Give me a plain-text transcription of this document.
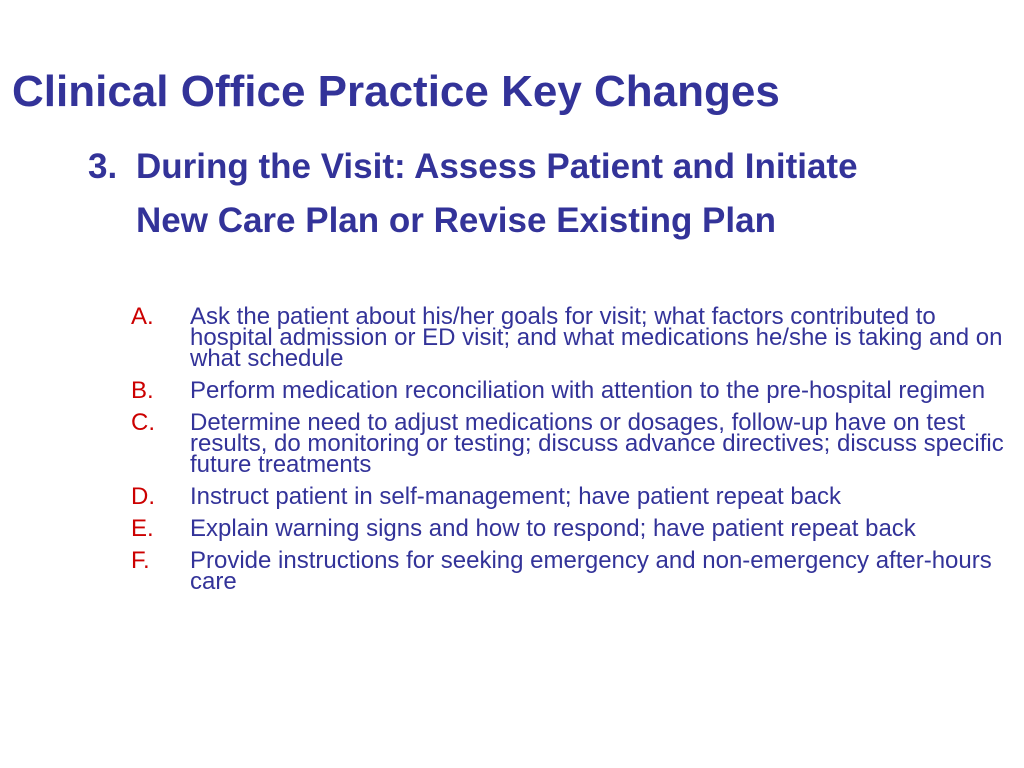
Clinical Office Practice Key Changes
3. During the Visit: Assess Patient and Initiate New Care Plan or Revise Existing Plan
A.	Ask the patient about his/her goals for visit; what factors contributed to hospital admission or ED visit; and what medications he/she is taking and on what schedule
B.	Perform medication reconciliation with attention to the pre-hospital regimen
C.	Determine need to adjust medications or dosages, follow-up have on test results, do monitoring or testing; discuss advance directives; discuss specific future treatments
D.	Instruct patient in self-management; have patient repeat back
E.	Explain warning signs and how to respond; have patient repeat back
F.	Provide instructions for seeking emergency and non-emergency after-hours care
